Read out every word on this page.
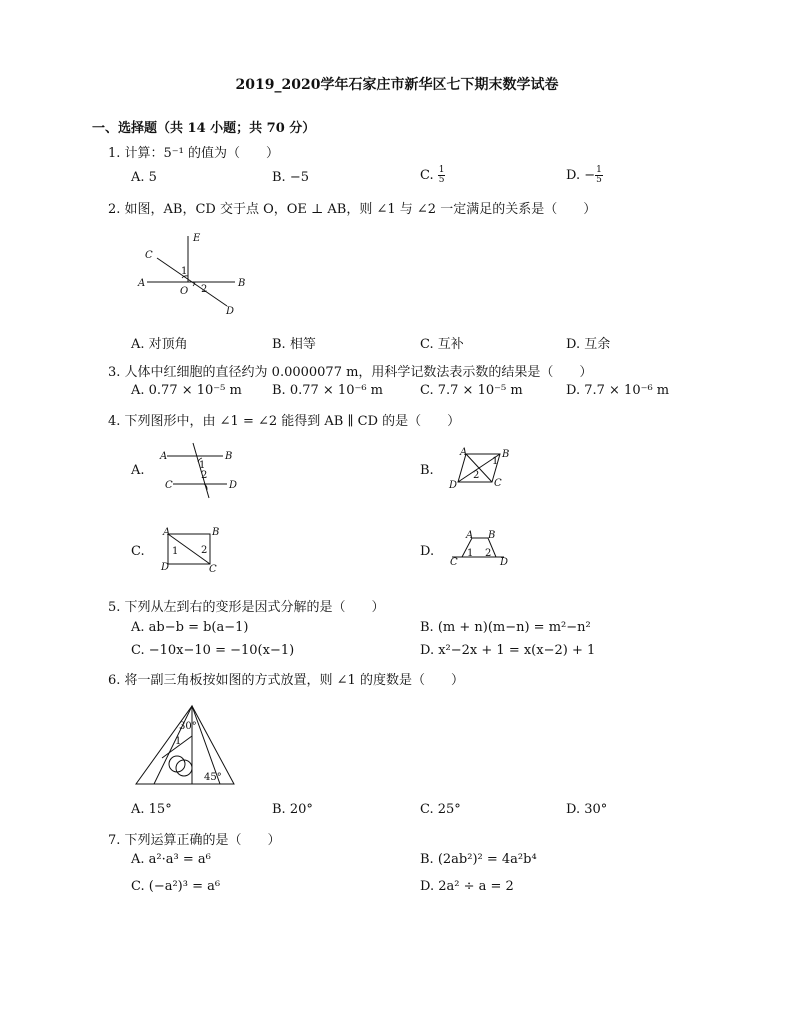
2019_2020学年石家庄市新华区七下期末数学试卷
一、选择题（共 14 小题；共 70 分）
1. 计算：5⁻¹ 的值为（　　）
A. 5	B. −5	C. $\frac{1}{5}$	D. − $\frac{1}{5}$
2. 如图，AB，CD 交于点 O，OE ⊥ AB，则 ∠1 与 ∠2 一定满足的关系是（　　）
C
E
A	B
O
D
1
2
A. 对顶角	B. 相等	C. 互补	D. 互余
3. 人体中红细胞的直径约为 0.0000077 m，用科学记数法表示数的结果是（　　）
A. 0.77 × 10⁻⁵ m B. 0.77 × 10⁻⁶ m	C. 7.7 × 10⁻⁵ m	D. 7.7 × 10⁻⁶ m
4. 下列图形中，由 ∠1 = ∠2 能得到 AB ∥ CD 的是（　　）
A.
A	B
C	D
1
2	B.
A	B
C
D
1
2
C.
A	B
C
D
1 2	D.
A B
C	D
1 2
5. 下列从左到右的变形是因式分解的是（　　）
A. ab−b = b(a−1)	B. (m + n)(m−n) = m²−n²
C. −10x−10 = −10(x−1)	D. x²−2x + 1 = x(x−2) + 1
6. 将一副三角板按如图的方式放置，则 ∠1 的度数是（　　）
30°
45°
1
A. 15°	B. 20°	C. 25°	D. 30°
7. 下列运算正确的是（　　）
A. a²·a³ = a⁶	B. (2ab²)² = 4a²b⁴
C. (−a²)³ = a⁶	D. 2a² ÷ a = 2
